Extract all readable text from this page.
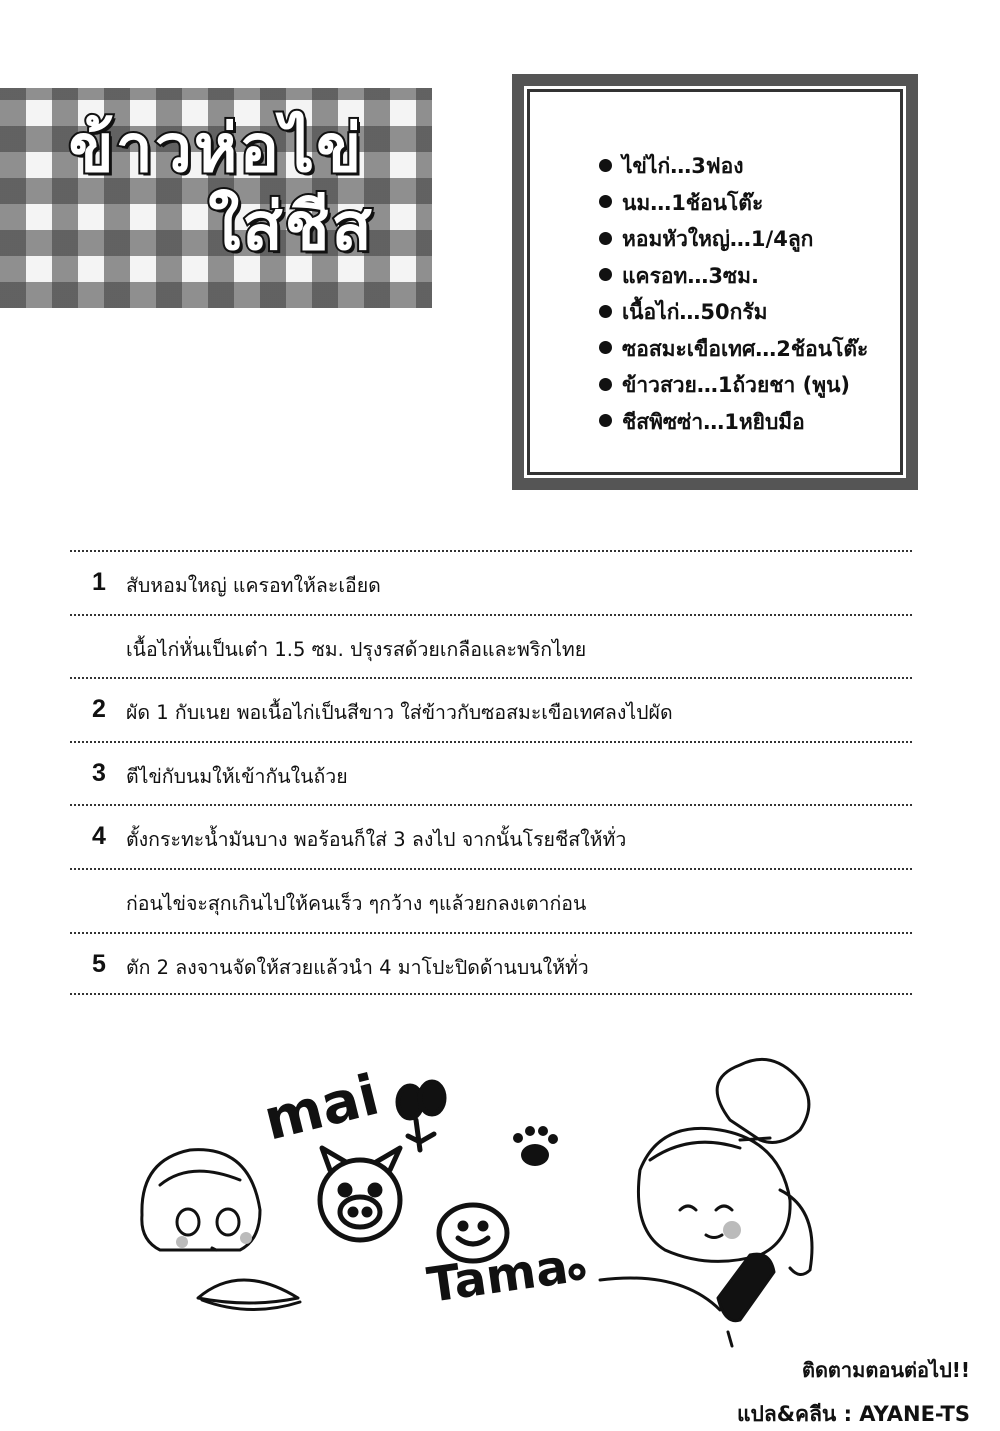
ข้าวห่อไข่
ใส่ชีส
ไข่ไก่…3ฟอง
นม…1ช้อนโต๊ะ
หอมหัวใหญ่…1/4ลูก
แครอท…3ซม.
เนื้อไก่…50กรัม
ซอสมะเขือเทศ…2ช้อนโต๊ะ
ข้าวสวย…1ถ้วยชา (พูน)
ชีสพิซซ่า…1หยิบมือ
1	สับหอมใหญ่ แครอทให้ละเอียด
เนื้อไก่หั่นเป็นเต๋า 1.5 ซม. ปรุงรสด้วยเกลือและพริกไทย
2	ผัด 1 กับเนย พอเนื้อไก่เป็นสีขาว ใส่ข้าวกับซอสมะเขือเทศลงไปผัด
3	ตีไข่กับนมให้เข้ากันในถ้วย
4	ตั้งกระทะน้ำมันบาง พอร้อนก็ใส่ 3 ลงไป จากนั้นโรยชีสให้ทั่ว
ก่อนไข่จะสุกเกินไปให้คนเร็ว ๆกว้าง ๆแล้วยกลงเตาก่อน
5	ตัก 2 ลงจานจัดให้สวยแล้วนำ 4 มาโปะปิดด้านบนให้ทั่ว
mai
Tama
ติดตามตอนต่อไป!!
แปล&คลีน : AYANE-TS
